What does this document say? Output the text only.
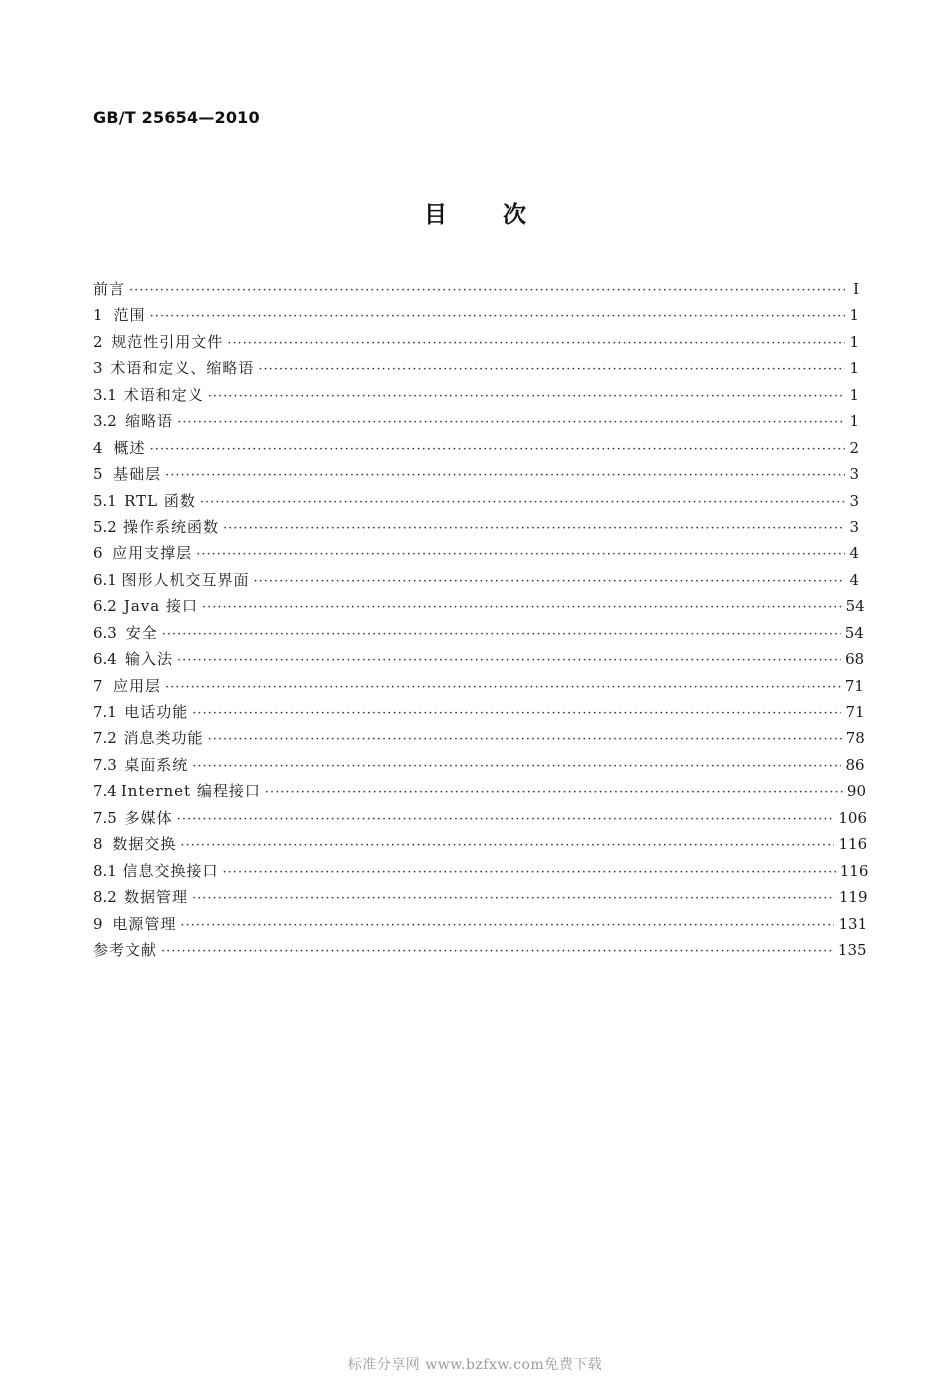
GB/T 25654—2010
目次
前言 ·····	I
1 范围 ·····	1
2 规范性引用文件 ·····	1
3 术语和定义、缩略语 ·····	1
3.1 术语和定义 ·····	1
3.2 缩略语 ·····	1
4 概述 ·····	2
5 基础层 ·····	3
5.1 RTL 函数 ·····	3
5.2 操作系统函数 ·····	3
6 应用支撑层 ·····	4
6.1 图形人机交互界面 ·····	4
6.2 Java 接口 ·····	54
6.3 安全 ·····	54
6.4 输入法 ·····	68
7 应用层 ·····	71
7.1 电话功能 ·····	71
7.2 消息类功能 ·····	78
7.3 桌面系统 ·····	86
7.4 Internet 编程接口 ·····	90
7.5 多媒体 ·····	106
8 数据交换 ·····	116
8.1 信息交换接口 ·····	116
8.2 数据管理 ·····	119
9 电源管理 ·····	131
参考文献 ·····	135
标准分享网 www.bzfxw.com免费下载
